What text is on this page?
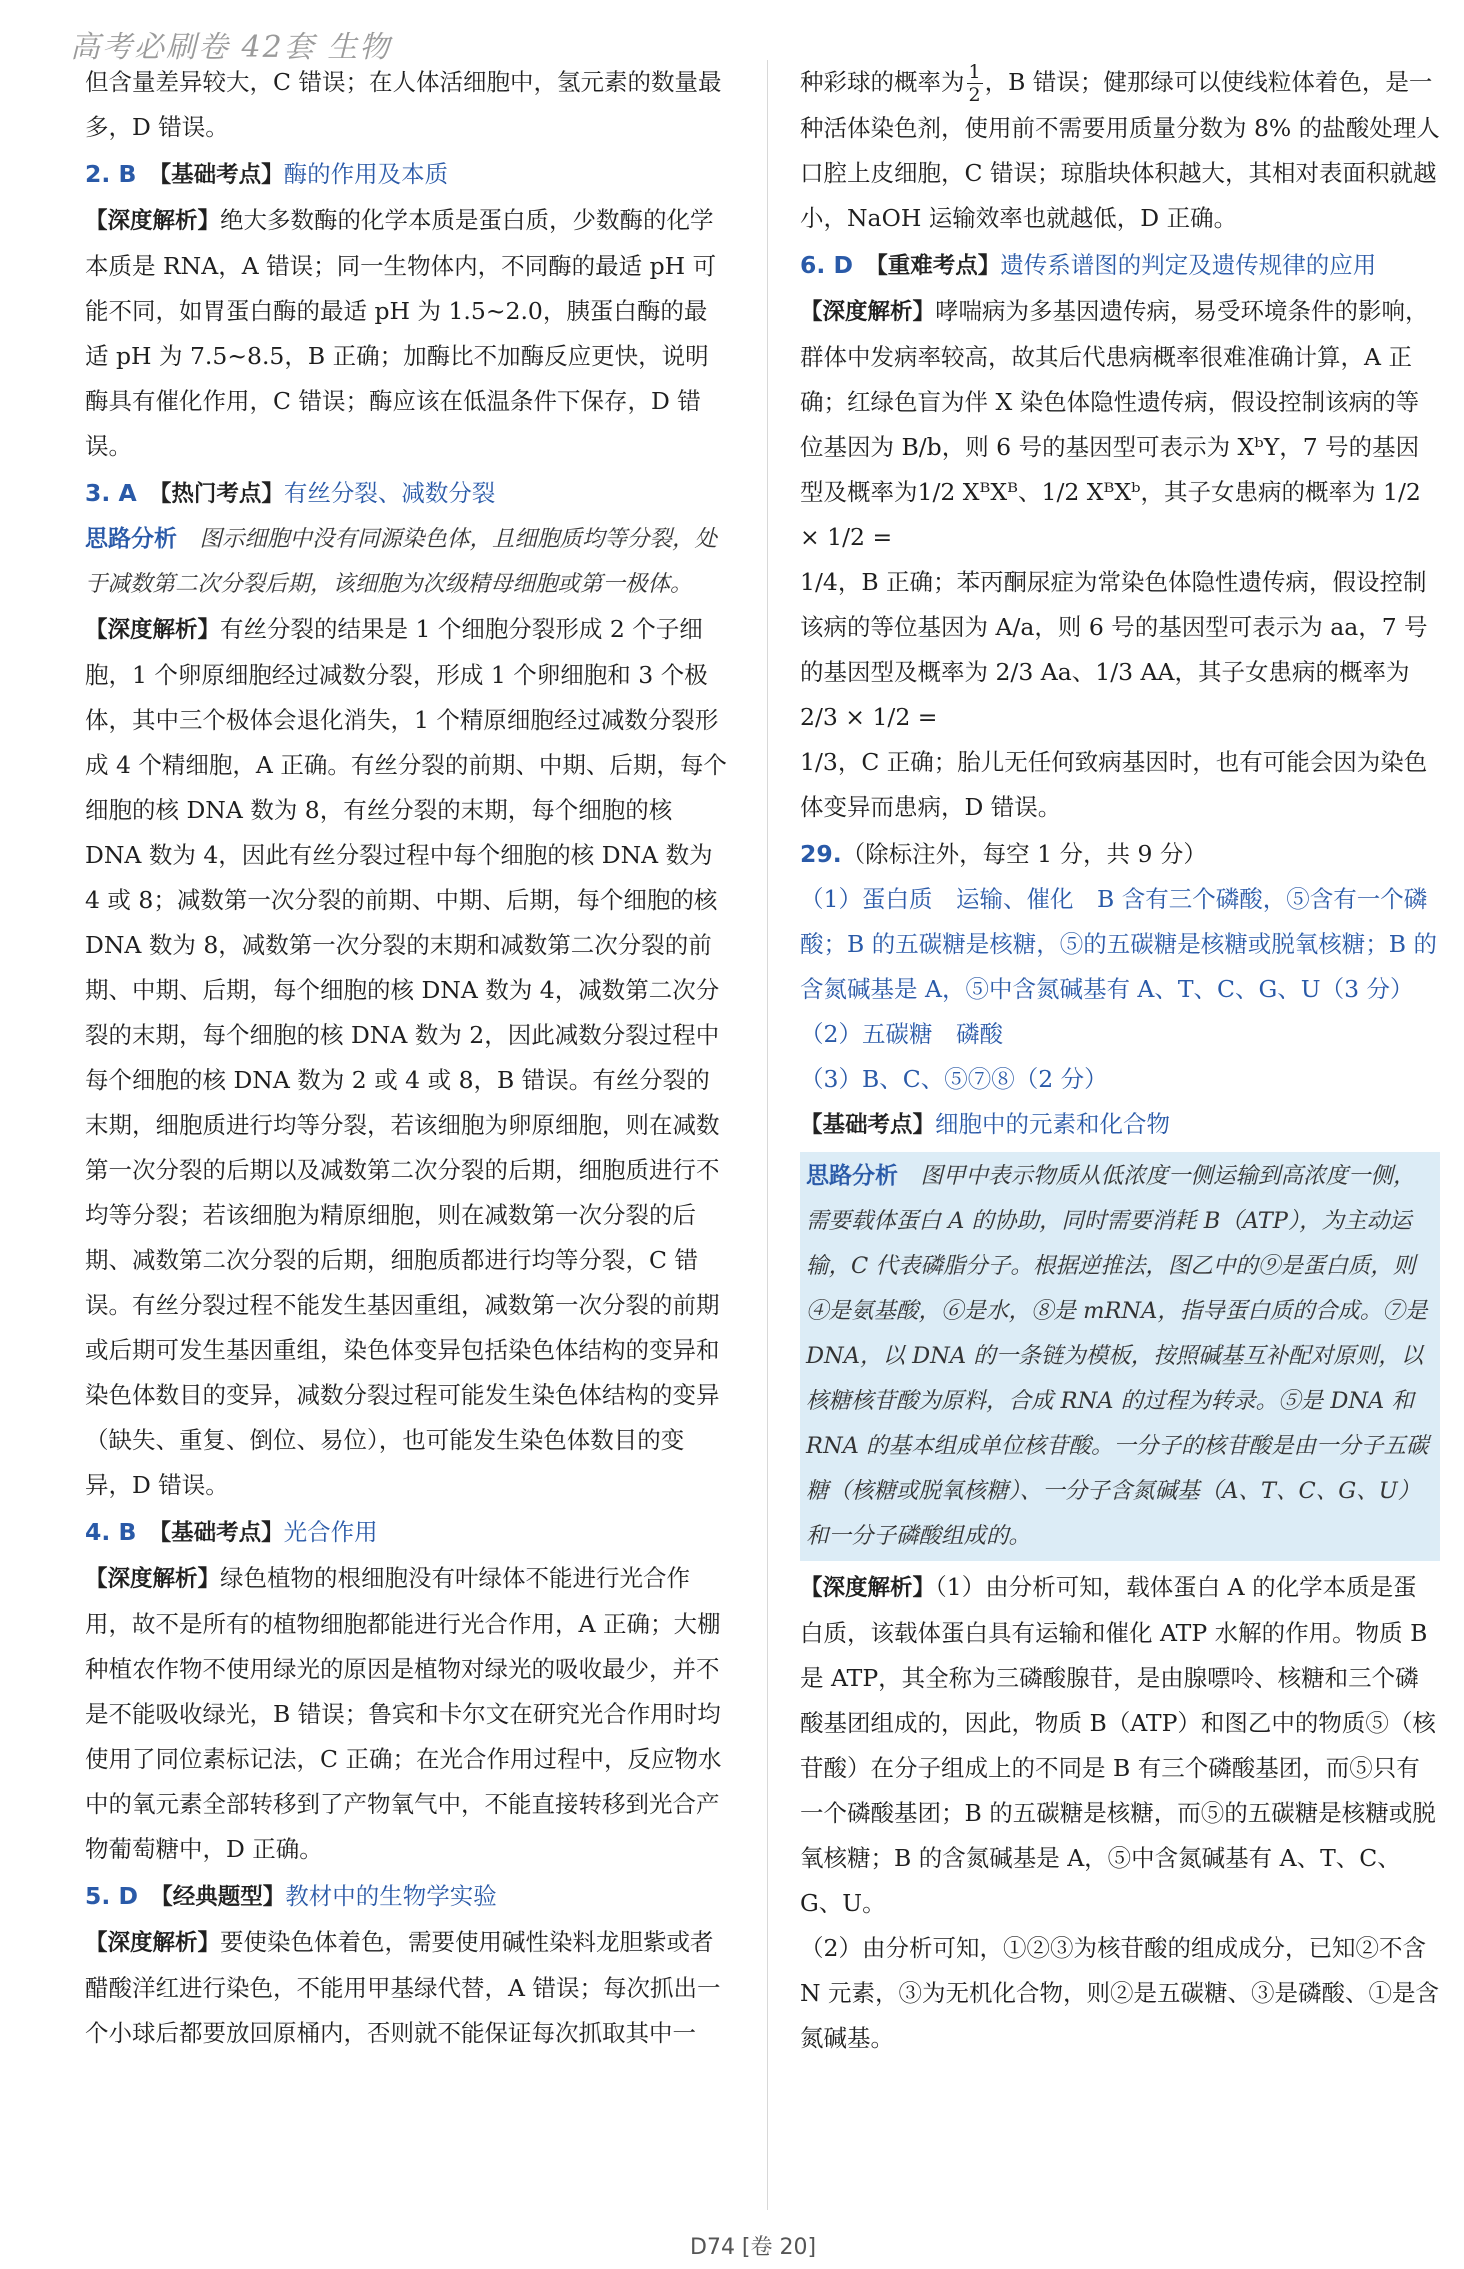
高考必刷卷 42套 生物

但含量差异较大，C 错误；在人体活细胞中，氢元素的数量最多，D 错误。

2. B　 【基础考点】酶的作用及本质

【深度解析】绝大多数酶的化学本质是蛋白质，少数酶的化学本质是 RNA，A 错误；同一生物体内，不同酶的最适 pH 可能不同，如胃蛋白酶的最适 pH 为 1.5~2.0，胰蛋白酶的最适 pH 为 7.5~8.5，B 正确；加酶比不加酶反应更快，说明酶具有催化作用，C 错误；酶应该在低温条件下保存，D 错误。

3. A　 【热门考点】有丝分裂、减数分裂

思路分析　 图示细胞中没有同源染色体，且细胞质均等分裂，处于减数第二次分裂后期，该细胞为次级精母细胞或第一极体。

【深度解析】有丝分裂的结果是 1 个细胞分裂形成 2 个子细胞，1 个卵原细胞经过减数分裂，形成 1 个卵细胞和 3 个极体，其中三个极体会退化消失，1 个精原细胞经过减数分裂形成 4 个精细胞，A 正确。有丝分裂的前期、中期、后期，每个细胞的核 DNA 数为 8，有丝分裂的末期，每个细胞的核 DNA 数为 4，因此有丝分裂过程中每个细胞的核 DNA 数为 4 或 8；减数第一次分裂的前期、中期、后期，每个细胞的核 DNA 数为 8，减数第一次分裂的末期和减数第二次分裂的前期、中期、后期，每个细胞的核 DNA 数为 4，减数第二次分裂的末期，每个细胞的核 DNA 数为 2，因此减数分裂过程中每个细胞的核 DNA 数为 2 或 4 或 8，B 错误。有丝分裂的末期，细胞质进行均等分裂，若该细胞为卵原细胞，则在减数第一次分裂的后期以及减数第二次分裂的后期，细胞质进行不均等分裂；若该细胞为精原细胞，则在减数第一次分裂的后期、减数第二次分裂的后期，细胞质都进行均等分裂，C 错误。有丝分裂过程不能发生基因重组，减数第一次分裂的前期或后期可发生基因重组，染色体变异包括染色体结构的变异和染色体数目的变异，减数分裂过程可能发生染色体结构的变异（缺失、重复、倒位、易位），也可能发生染色体数目的变异，D 错误。

4. B　 【基础考点】光合作用

【深度解析】绿色植物的根细胞没有叶绿体不能进行光合作用，故不是所有的植物细胞都能进行光合作用，A 正确；大棚种植农作物不使用绿光的原因是植物对绿光的吸收最少，并不是不能吸收绿光，B 错误；鲁宾和卡尔文在研究光合作用时均使用了同位素标记法，C 正确；在光合作用过程中，反应物水中的氧元素全部转移到了产物氧气中，不能直接转移到光合产物葡萄糖中，D 正确。

5. D　 【经典题型】教材中的生物学实验

【深度解析】要使染色体着色，需要使用碱性染料龙胆紫或者醋酸洋红进行染色，不能用甲基绿代替，A 错误；每次抓出一个小球后都要放回原桶内，否则就不能保证每次抓取其中一

种彩球的概率为 $\frac{1}{2}$ ，B 错误；健那绿可以使线粒体着色，是一种活体染色剂，使用前不需要用质量分数为 8% 的盐酸处理人口腔上皮细胞，C 错误；琼脂块体积越大，其相对表面积就越小，NaOH 运输效率也就越低，D 正确。

6. D　 【重难考点】遗传系谱图的判定及遗传规律的应用

【深度解析】哮喘病为多基因遗传病，易受环境条件的影响，群体中发病率较高，故其后代患病概率很难准确计算，A 正确；红绿色盲为伴 X 染色体隐性遗传病，假设控制该病的等位基因为 B/b，则 6 号的基因型可表示为 XᵇY，7 号的基因型及概率为1/2 XᴮXᴮ、1/2 XᴮXᵇ，其子女患病的概率为 1/2 × 1/2 =

1/4，B 正确；苯丙酮尿症为常染色体隐性遗传病，假设控制该病的等位基因为 A/a，则 6 号的基因型可表示为 aa，7 号的基因型及概率为 2/3 Aa、1/3 AA，其子女患病的概率为 2/3 × 1/2 =

1/3，C 正确；胎儿无任何致病基因时，也有可能会因为染色体变异而患病，D 错误。

29.（除标注外，每空 1 分，共 9 分）

（1）蛋白质　运输、催化　B 含有三个磷酸，⑤含有一个磷酸；B 的五碳糖是核糖，⑤的五碳糖是核糖或脱氧核糖；B 的含氮碱基是 A，⑤中含氮碱基有 A、T、C、G、U（3 分）

（2）五碳糖　磷酸

（3）B、C、⑤⑦⑧（2 分）

【基础考点】细胞中的元素和化合物

思路分析　 图甲中表示物质从低浓度一侧运输到高浓度一侧，需要载体蛋白 A 的协助，同时需要消耗 B（ATP），为主动运输，C 代表磷脂分子。根据逆推法，图乙中的⑨是蛋白质，则④是氨基酸，⑥是水，⑧是 mRNA，指导蛋白质的合成。⑦是 DNA，以 DNA 的一条链为模板，按照碱基互补配对原则，以核糖核苷酸为原料，合成 RNA 的过程为转录。⑤是 DNA 和 RNA 的基本组成单位核苷酸。一分子的核苷酸是由一分子五碳糖（核糖或脱氧核糖）、一分子含氮碱基（A、T、C、G、U）和一分子磷酸组成的。

【深度解析】（1）由分析可知，载体蛋白 A 的化学本质是蛋白质，该载体蛋白具有运输和催化 ATP 水解的作用。物质 B 是 ATP，其全称为三磷酸腺苷，是由腺嘌呤、核糖和三个磷酸基团组成的，因此，物质 B（ATP）和图乙中的物质⑤（核苷酸）在分子组成上的不同是 B 有三个磷酸基团，而⑤只有一个磷酸基团；B 的五碳糖是核糖，而⑤的五碳糖是核糖或脱氧核糖；B 的含氮碱基是 A，⑤中含氮碱基有 A、T、C、G、U。

（2）由分析可知，①②③为核苷酸的组成成分，已知②不含 N 元素，③为无机化合物，则②是五碳糖、③是磷酸、①是含氮碱基。

D74 [卷 20]
